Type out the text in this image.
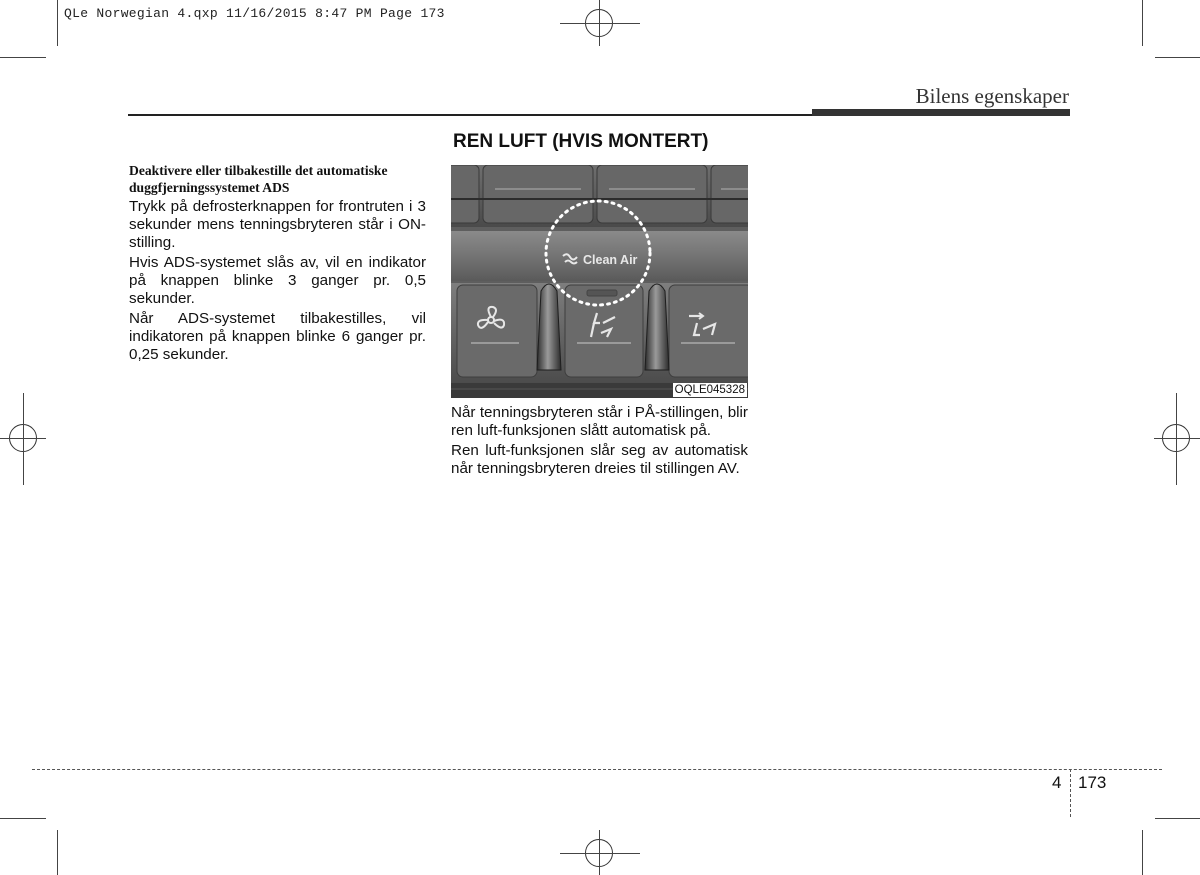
QLe Norwegian 4.qxp 11/16/2015 8:47 PM Page 173
Bilens egenskaper

Deaktivere eller tilbakestille det automatiske duggfjerningssystemet ADS

Trykk på defrosterknappen for frontruten i 3 sekunder mens tenningsbryteren står i ON-stilling.

Hvis ADS-systemet slås av, vil en indikator på knappen blinke 3 ganger pr. 0,5 sekunder.

Når ADS-systemet tilbakestilles, vil indikatoren på knappen blinke 6 ganger pr. 0,25 sekunder.

REN LUFT (HVIS MONTERT)
Clean Air
OQLE045328

Når tenningsbryteren står i PÅ-stillingen, blir ren luft-funksjonen slått automatisk på.

Ren luft-funksjonen slår seg av automatisk når tenningsbryteren dreies til stillingen AV.

4 173
